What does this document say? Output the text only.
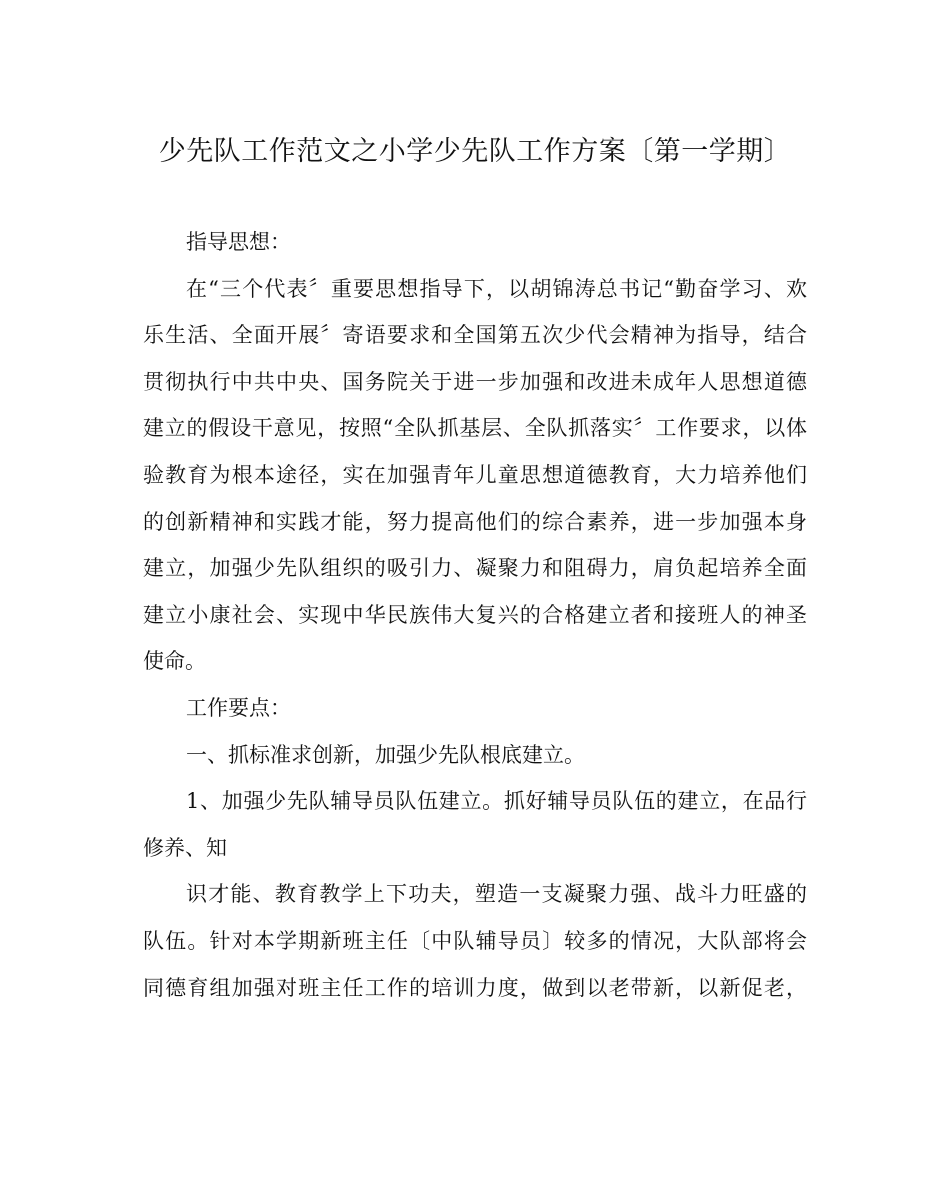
少先队工作范文之小学少先队工作方案〔第一学期〕
指导思想：
在“三个代表〞重要思想指导下，以胡锦涛总书记“勤奋学习、欢
乐生活、全面开展〞寄语要求和全国第五次少代会精神为指导，结合
贯彻执行中共中央、国务院关于进一步加强和改进未成年人思想道德
建立的假设干意见，按照“全队抓基层、全队抓落实〞工作要求，以体
验教育为根本途径，实在加强青年儿童思想道德教育，大力培养他们
的创新精神和实践才能，努力提高他们的综合素养，进一步加强本身
建立，加强少先队组织的吸引力、凝聚力和阻碍力，肩负起培养全面
建立小康社会、实现中华民族伟大复兴的合格建立者和接班人的神圣
使命。
工作要点：
一、抓标准求创新，加强少先队根底建立。
1、加强少先队辅导员队伍建立。抓好辅导员队伍的建立，在品行
修养、知
识才能、教育教学上下功夫，塑造一支凝聚力强、战斗力旺盛的
队伍。针对本学期新班主任〔中队辅导员〕较多的情况，大队部将会
同德育组加强对班主任工作的培训力度，做到以老带新，以新促老，
